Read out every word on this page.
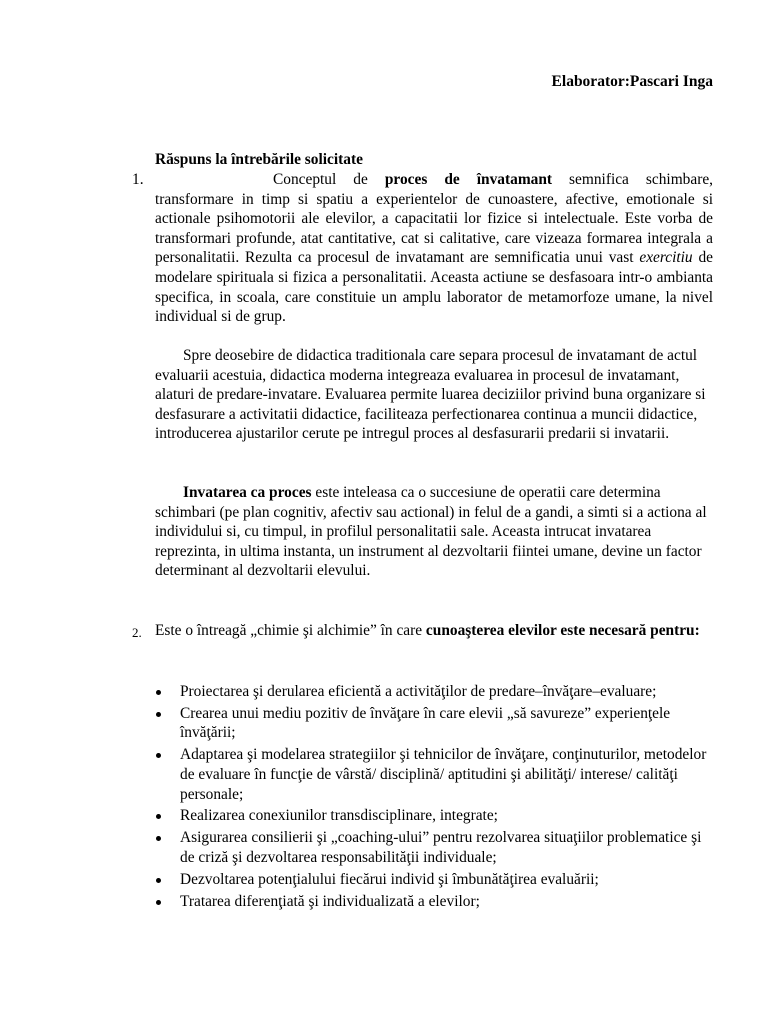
Elaborator:Pascari Inga
Răspuns la întrebările solicitate
1.	Conceptul de proces de învatamant semnifica schimbare, transformare in timp si spatiu a experientelor de cunoastere, afective, emotionale si actionale psihomotorii ale elevilor, a capacitatii lor fizice si intelectuale. Este vorba de transformari profunde, atat cantitative, cat si calitative, care vizeaza formarea integrala a personalitatii. Rezulta ca procesul de invatamant are semnificatia unui vast exercitiu de modelare spirituala si fizica a personalitatii. Aceasta actiune se desfasoara intr-o ambianta specifica, in scoala, care constituie un amplu laborator de metamorfoze umane, la nivel individual si de grup.
Spre deosebire de didactica traditionala care separa procesul de invatamant de actul evaluarii acestuia, didactica moderna integreaza evaluarea in procesul de invatamant, alaturi de predare-invatare. Evaluarea permite luarea deciziilor privind buna organizare si desfasurare a activitatii didactice, faciliteaza perfectionarea continua a muncii didactice, introducerea ajustarilor cerute pe intregul proces al desfasurarii predarii si invatarii.
Invatarea ca proces este inteleasa ca o succesiune de operatii care determina schimbari (pe plan cognitiv, afectiv sau actional) in felul de a gandi, a simti si a actiona al individului si, cu timpul, in profilul personalitatii sale. Aceasta intrucat invatarea reprezinta, in ultima instanta, un instrument al dezvoltarii fiintei umane, devine un factor determinant al dezvoltarii elevului.
2. Este o întreagă „chimie şi alchimie” în care cunoaşterea elevilor este necesară pentru:
Proiectarea şi derularea eficientă a activităţilor de predare–învăţare–evaluare;
Crearea unui mediu pozitiv de învăţare în care elevii „să savureze” experienţele învăţării;
Adaptarea şi modelarea strategiilor şi tehnicilor de învăţare, conţinuturilor, metodelor de evaluare în funcţie de vârstă/ disciplină/ aptitudini şi abilităţi/ interese/ calităţi personale;
Realizarea conexiunilor transdisciplinare, integrate;
Asigurarea consilierii şi „coaching-ului” pentru rezolvarea situaţiilor problematice şi de criză şi dezvoltarea responsabilităţii individuale;
Dezvoltarea potenţialului fiecărui individ şi îmbunătăţirea evaluării;
Tratarea diferenţiată şi individualizată a elevilor;
